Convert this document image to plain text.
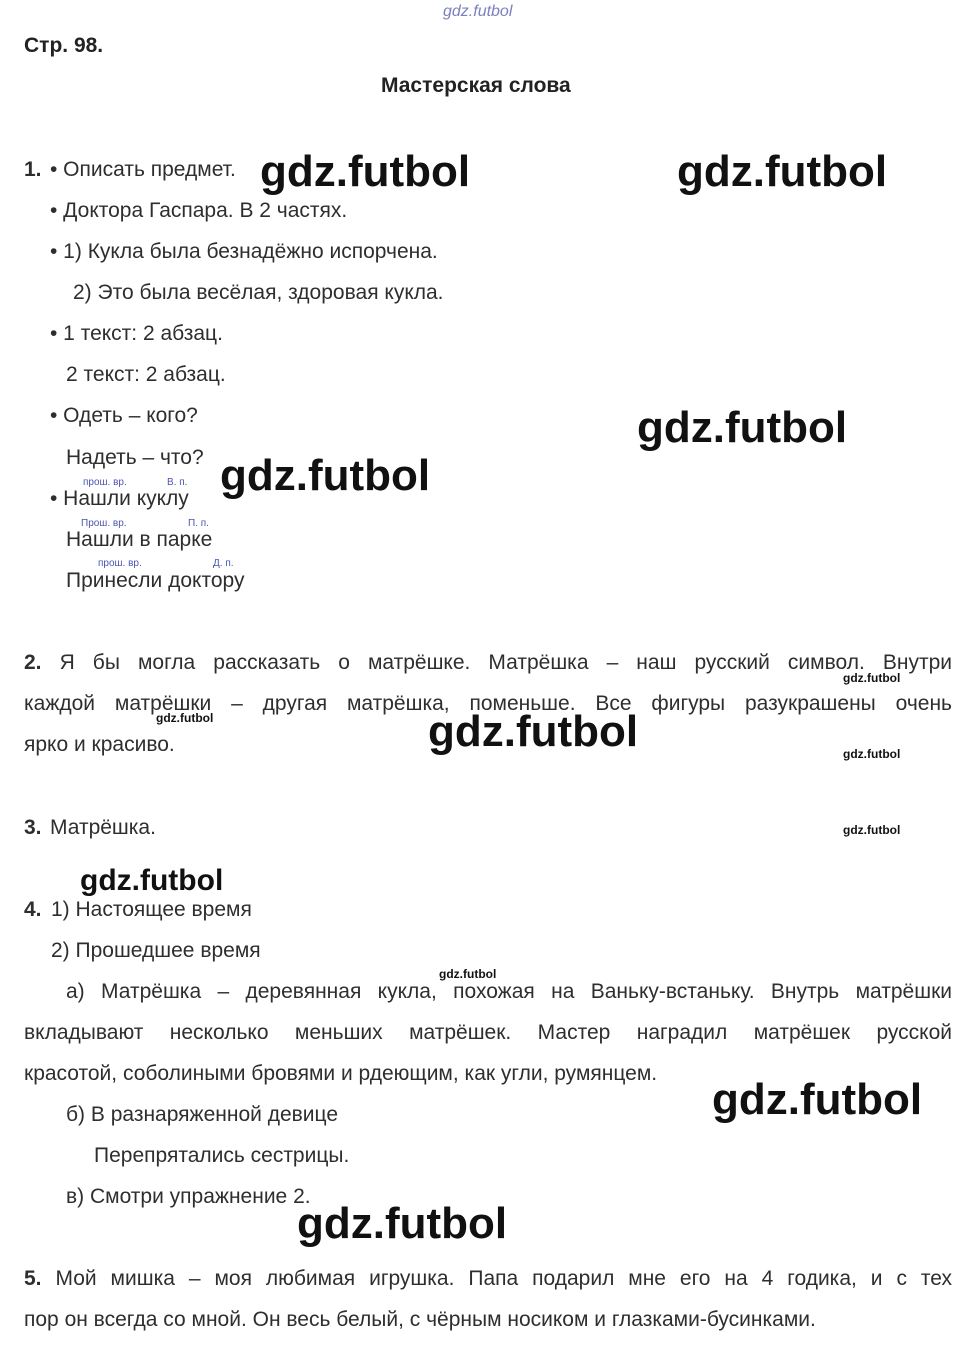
gdz.futbol
Стр. 98.
Мастерская слова
1. • Описать предмет.
• Доктора Гаспара. В 2 частях.
• 1) Кукла была безнадёжно испорчена.
2) Это была весёлая, здоровая кукла.
• 1 текст: 2 абзац.
2 текст: 2 абзац.
• Одеть – кого?
Надеть – что?
прош. вр.	В. п.
• Нашли куклу
Прош. вр.	П. п.
Нашли в парке
прош. вр.	Д. п.
Принесли доктору
2. Я бы могла рассказать о матрёшке. Матрёшка – наш русский символ. Внутри
каждой матрёшки – другая матрёшка, поменьше. Все фигуры разукрашены очень
ярко и красиво.
3. Матрёшка.
4. 1) Настоящее время
2) Прошедшее время
а) Матрёшка – деревянная кукла, похожая на Ваньку-встаньку. Внутрь матрёшки
вкладывают несколько меньших матрёшек. Мастер наградил матрёшек русской
красотой, соболиными бровями и рдеющим, как угли, румянцем.
б) В разнаряженной девице
Перепрятались сестрицы.
в) Смотри упражнение 2.
5. Мой мишка – моя любимая игрушка. Папа подарил мне его на 4 годика, и с тех
пор он всегда со мной. Он весь белый, с чёрным носиком и глазками-бусинками.
gdz.futbol	gdz.futbol
gdz.futbol
gdz.futbol
gdz.futbol
gdz.futbol
gdz.futbol
gdz.futbol
gdz.futbol
gdz.futbol
gdz.futbol
gdz.futbol
gdz.futbol
